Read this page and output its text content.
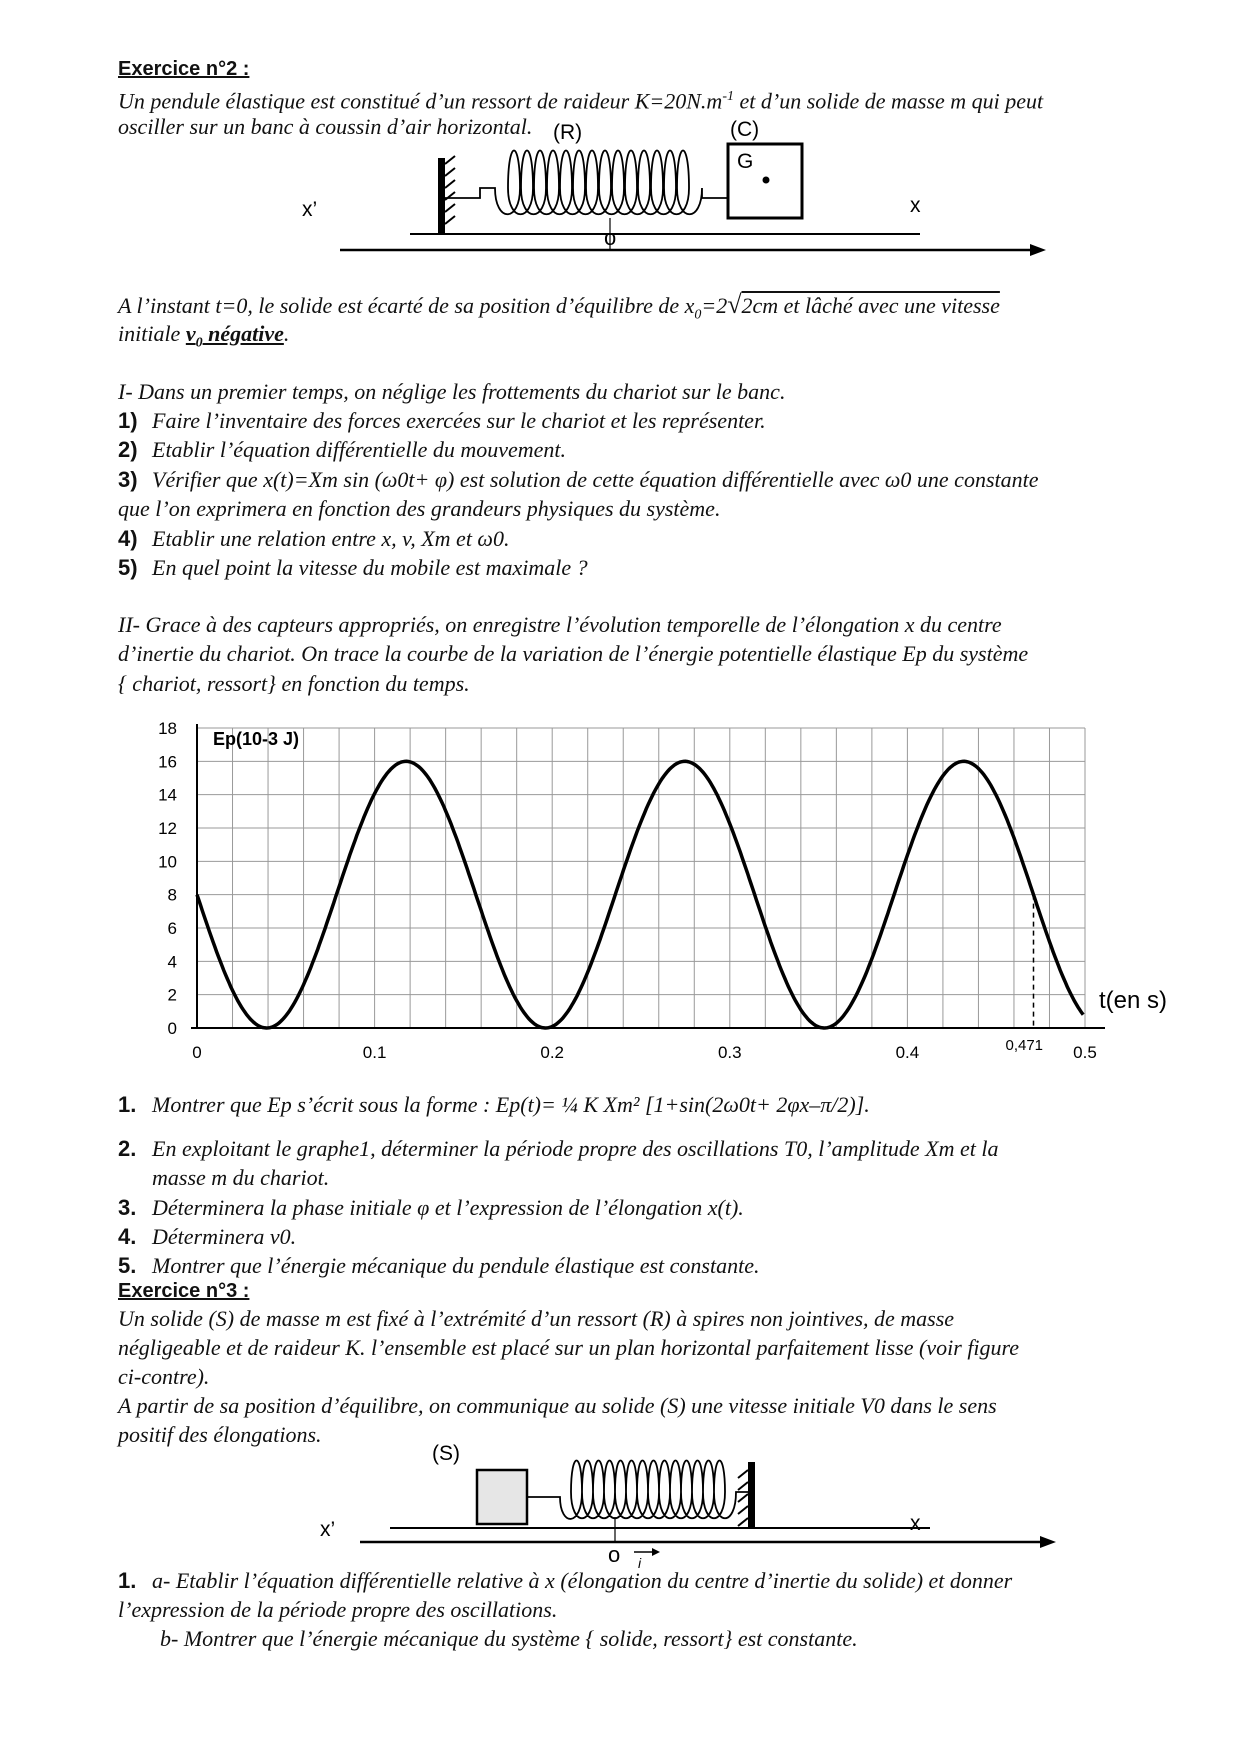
Exercice n°2 :
Un pendule élastique est constitué d’un ressort de raideur $K=20N.m^{-1}$ et d’un solide de masse m qui peut
osciller sur un banc à coussin d’air horizontal. (R)	(C)
G
x’	x
o
A l’instant t=0, le solide est écarté de sa position d’équilibre de $x_0=2√2cm$ et lâché avec une vitesse
initiale $v_0$ négative.
I- Dans un premier temps, on néglige les frottements du chariot sur le banc.
1) Faire l’inventaire des forces exercées sur le chariot et les représenter.
2) Etablir l’équation différentielle du mouvement.
3) Vérifier que x(t)=Xm sin (ω0t+ φ) est solution de cette équation différentielle avec ω0 une constante
que l’on exprimera en fonction des grandeurs physiques du système.
4) Etablir une relation entre x, v, Xm et ω0.
5) En quel point la vitesse du mobile est maximale ?
II- Grace à des capteurs appropriés, on enregistre l’évolution temporelle de l’élongation x du centre
d’inertie du chariot. On trace la courbe de la variation de l’énergie potentielle élastique Ep du système
{ chariot, ressort} en fonction du temps.
0
2
4
6
8
10
12
14
16
18
0	0.1	0.2	0.3	0.4	0.5
Ep(10-3 J)
t(en s)
0,471
1. Montrer que Ep s’écrit sous la forme : Ep(t)= ¼ K Xm² [1+sin(2ω0t+ 2φx–π/2)].
2. En exploitant le graphe1, déterminer la période propre des oscillations T0, l’amplitude Xm et la
masse m du chariot.
3. Déterminera la phase initiale φ et l’expression de l’élongation x(t).
4. Déterminera v0.
5. Montrer que l’énergie mécanique du pendule élastique est constante.
Exercice n°3 :
Un solide (S) de masse m est fixé à l’extrémité d’un ressort (R) à spires non jointives, de masse
négligeable et de raideur K. l’ensemble est placé sur un plan horizontal parfaitement lisse (voir figure
ci-contre).
A partir de sa position d’équilibre, on communique au solide (S) une vitesse initiale V0 dans le sens
positif des élongations.
(S)
x’	x
o i
1. a- Etablir l’équation différentielle relative à x (élongation du centre d’inertie du solide) et donner
l’expression de la période propre des oscillations.
b- Montrer que l’énergie mécanique du système { solide, ressort} est constante.
